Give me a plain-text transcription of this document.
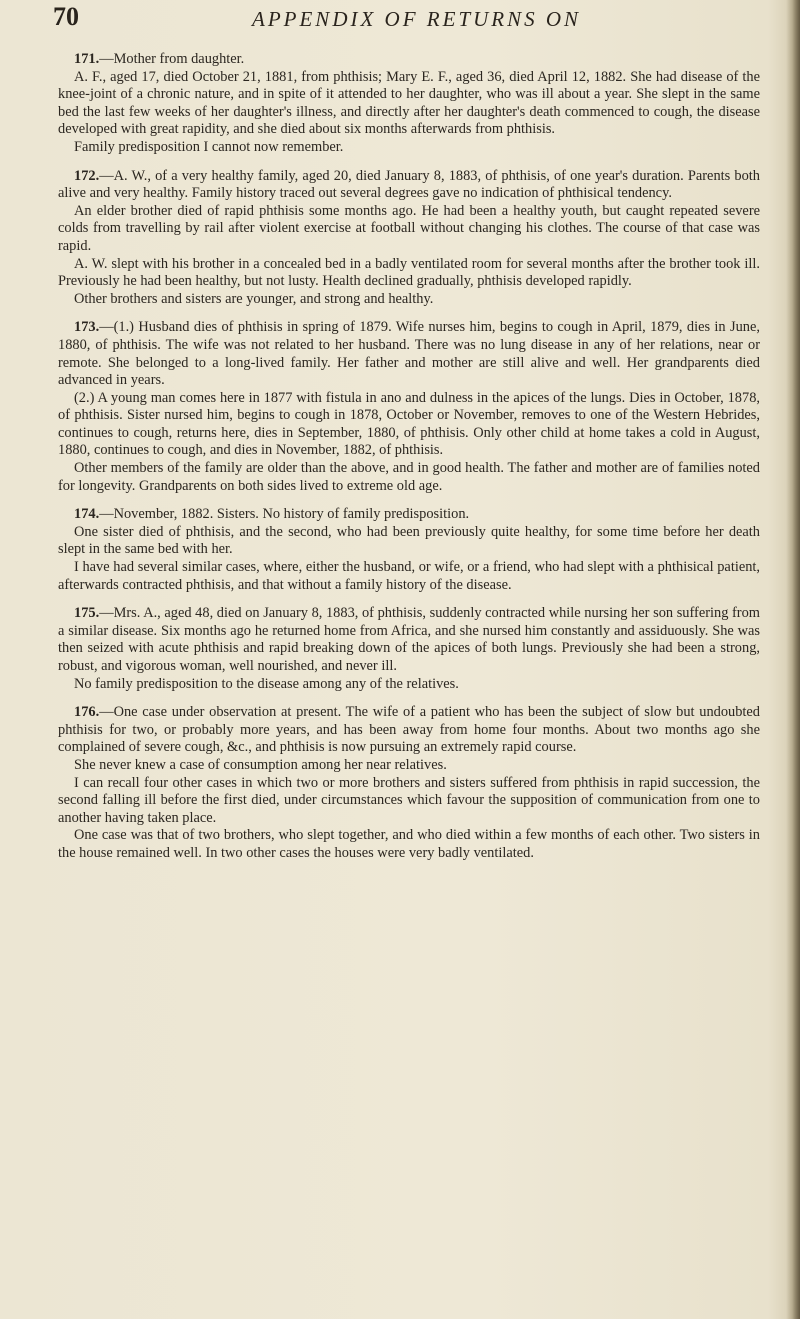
70	APPENDIX OF RETURNS ON

171.—Mother from daughter.

A. F., aged 17, died October 21, 1881, from phthisis; Mary E. F., aged 36, died April 12, 1882. She had disease of the knee-joint of a chronic nature, and in spite of it attended to her daughter, who was ill about a year. She slept in the same bed the last few weeks of her daughter's illness, and directly after her daughter's death commenced to cough, the disease developed with great rapidity, and she died about six months afterwards from phthisis.

Family predisposition I cannot now remember.

172.—A. W., of a very healthy family, aged 20, died January 8, 1883, of phthisis, of one year's duration. Parents both alive and very healthy. Family history traced out several degrees gave no indication of phthisical tendency.

An elder brother died of rapid phthisis some months ago. He had been a healthy youth, but caught repeated severe colds from travelling by rail after violent exercise at football without changing his clothes. The course of that case was rapid.

A. W. slept with his brother in a concealed bed in a badly ventilated room for several months after the brother took ill. Previously he had been healthy, but not lusty. Health declined gradually, phthisis developed rapidly.

Other brothers and sisters are younger, and strong and healthy.

173.—(1.) Husband dies of phthisis in spring of 1879. Wife nurses him, begins to cough in April, 1879, dies in June, 1880, of phthisis. The wife was not related to her husband. There was no lung disease in any of her relations, near or remote. She belonged to a long-lived family. Her father and mother are still alive and well. Her grandparents died advanced in years.

(2.) A young man comes here in 1877 with fistula in ano and dulness in the apices of the lungs. Dies in October, 1878, of phthisis. Sister nursed him, begins to cough in 1878, October or November, removes to one of the Western Hebrides, continues to cough, returns here, dies in September, 1880, of phthisis. Only other child at home takes a cold in August, 1880, continues to cough, and dies in November, 1882, of phthisis.

Other members of the family are older than the above, and in good health. The father and mother are of families noted for longevity. Grandparents on both sides lived to extreme old age.

174.—November, 1882. Sisters. No history of family predisposition.

One sister died of phthisis, and the second, who had been previously quite healthy, for some time before her death slept in the same bed with her.

I have had several similar cases, where, either the husband, or wife, or a friend, who had slept with a phthisical patient, afterwards contracted phthisis, and that without a family history of the disease.

175.—Mrs. A., aged 48, died on January 8, 1883, of phthisis, suddenly contracted while nursing her son suffering from a similar disease. Six months ago he returned home from Africa, and she nursed him constantly and assiduously. She was then seized with acute phthisis and rapid breaking down of the apices of both lungs. Previously she had been a strong, robust, and vigorous woman, well nourished, and never ill.

No family predisposition to the disease among any of the relatives.

176.—One case under observation at present. The wife of a patient who has been the subject of slow but undoubted phthisis for two, or probably more years, and has been away from home four months. About two months ago she complained of severe cough, &c., and phthisis is now pursuing an extremely rapid course.

She never knew a case of consumption among her near relatives.

I can recall four other cases in which two or more brothers and sisters suffered from phthisis in rapid succession, the second falling ill before the first died, under circumstances which favour the supposition of communication from one to another having taken place.

One case was that of two brothers, who slept together, and who died within a few months of each other. Two sisters in the house remained well. In two other cases the houses were very badly ventilated.
